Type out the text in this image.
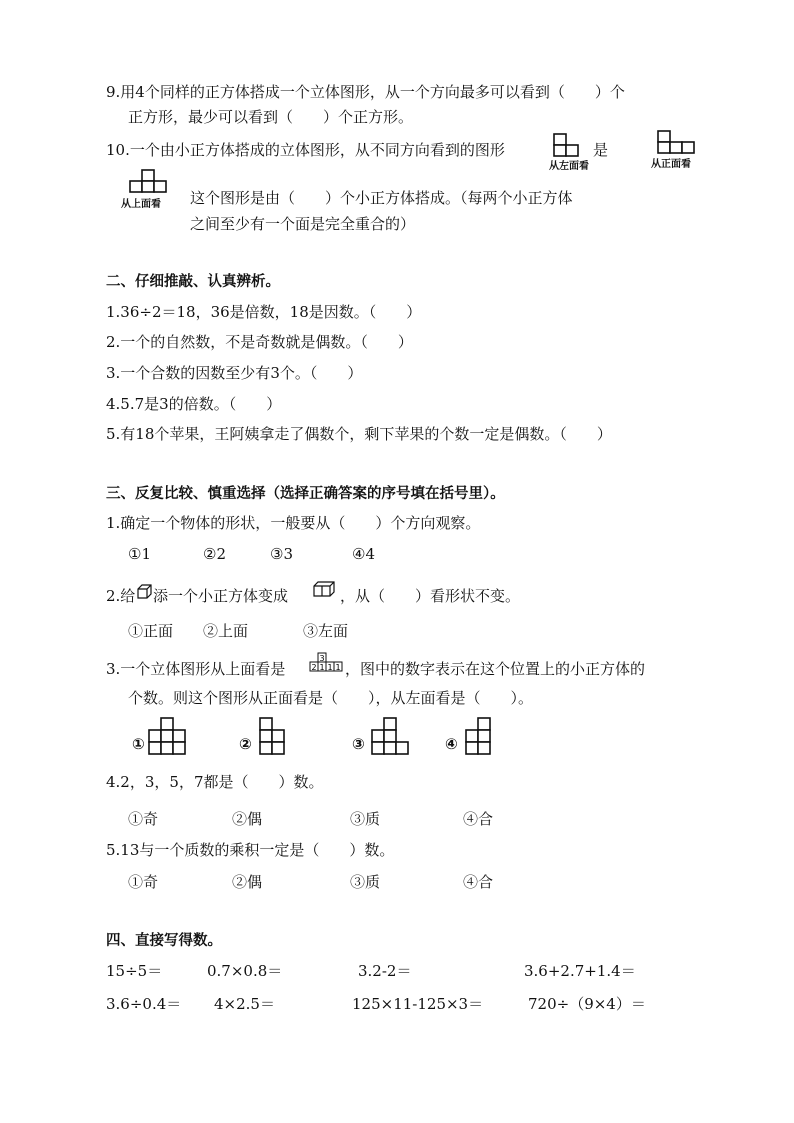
9.用4个同样的正方体搭成一个立体图形，从一个方向最多可以看到（　　）个
正方形，最少可以看到（　　）个正方形。
10.一个由小正方体搭成的立体图形，从不同方向看到的图形
从左面看
是
从正面看
从上面看 这个图形是由（　　）个小正方体搭成。（每两个小正方体
之间至少有一个面是完全重合的）
二、仔细推敲、认真辨析。
1.36÷2＝18，36是倍数，18是因数。（　　）
2.一个的自然数，不是奇数就是偶数。（　　）
3.一个合数的因数至少有3个。（　　）
4.5.7是3的倍数。（　　）
5.有18个苹果，王阿姨拿走了偶数个，剩下苹果的个数一定是偶数。（　　）
三、反复比较、慎重选择（选择正确答案的序号填在括号里）。
1.确定一个物体的形状，一般要从（　　）个方向观察。
①1	②2	③3	④4
2.给 添一个小正方体变成	，从（　　）看形状不变。
①正面 ②上面	③左面
3.一个立体图形从上面看是
3
2 1 1 1 ，图中的数字表示在这个位置上的小正方体的
个数。则这个图形从正面看是（　　），从左面看是（　　）。
①	②	③	④
4.2，3，5，7都是（　　）数。
①奇	②偶	③质	④合
5.13与一个质数的乘积一定是（　　）数。
①奇	②偶	③质	④合
四、直接写得数。
15÷5＝	0.7×0.8＝	3.2-2＝	3.6+2.7+1.4＝
3.6÷0.4＝ 4×2.5＝	125×11-125×3＝	720÷（9×4）＝
